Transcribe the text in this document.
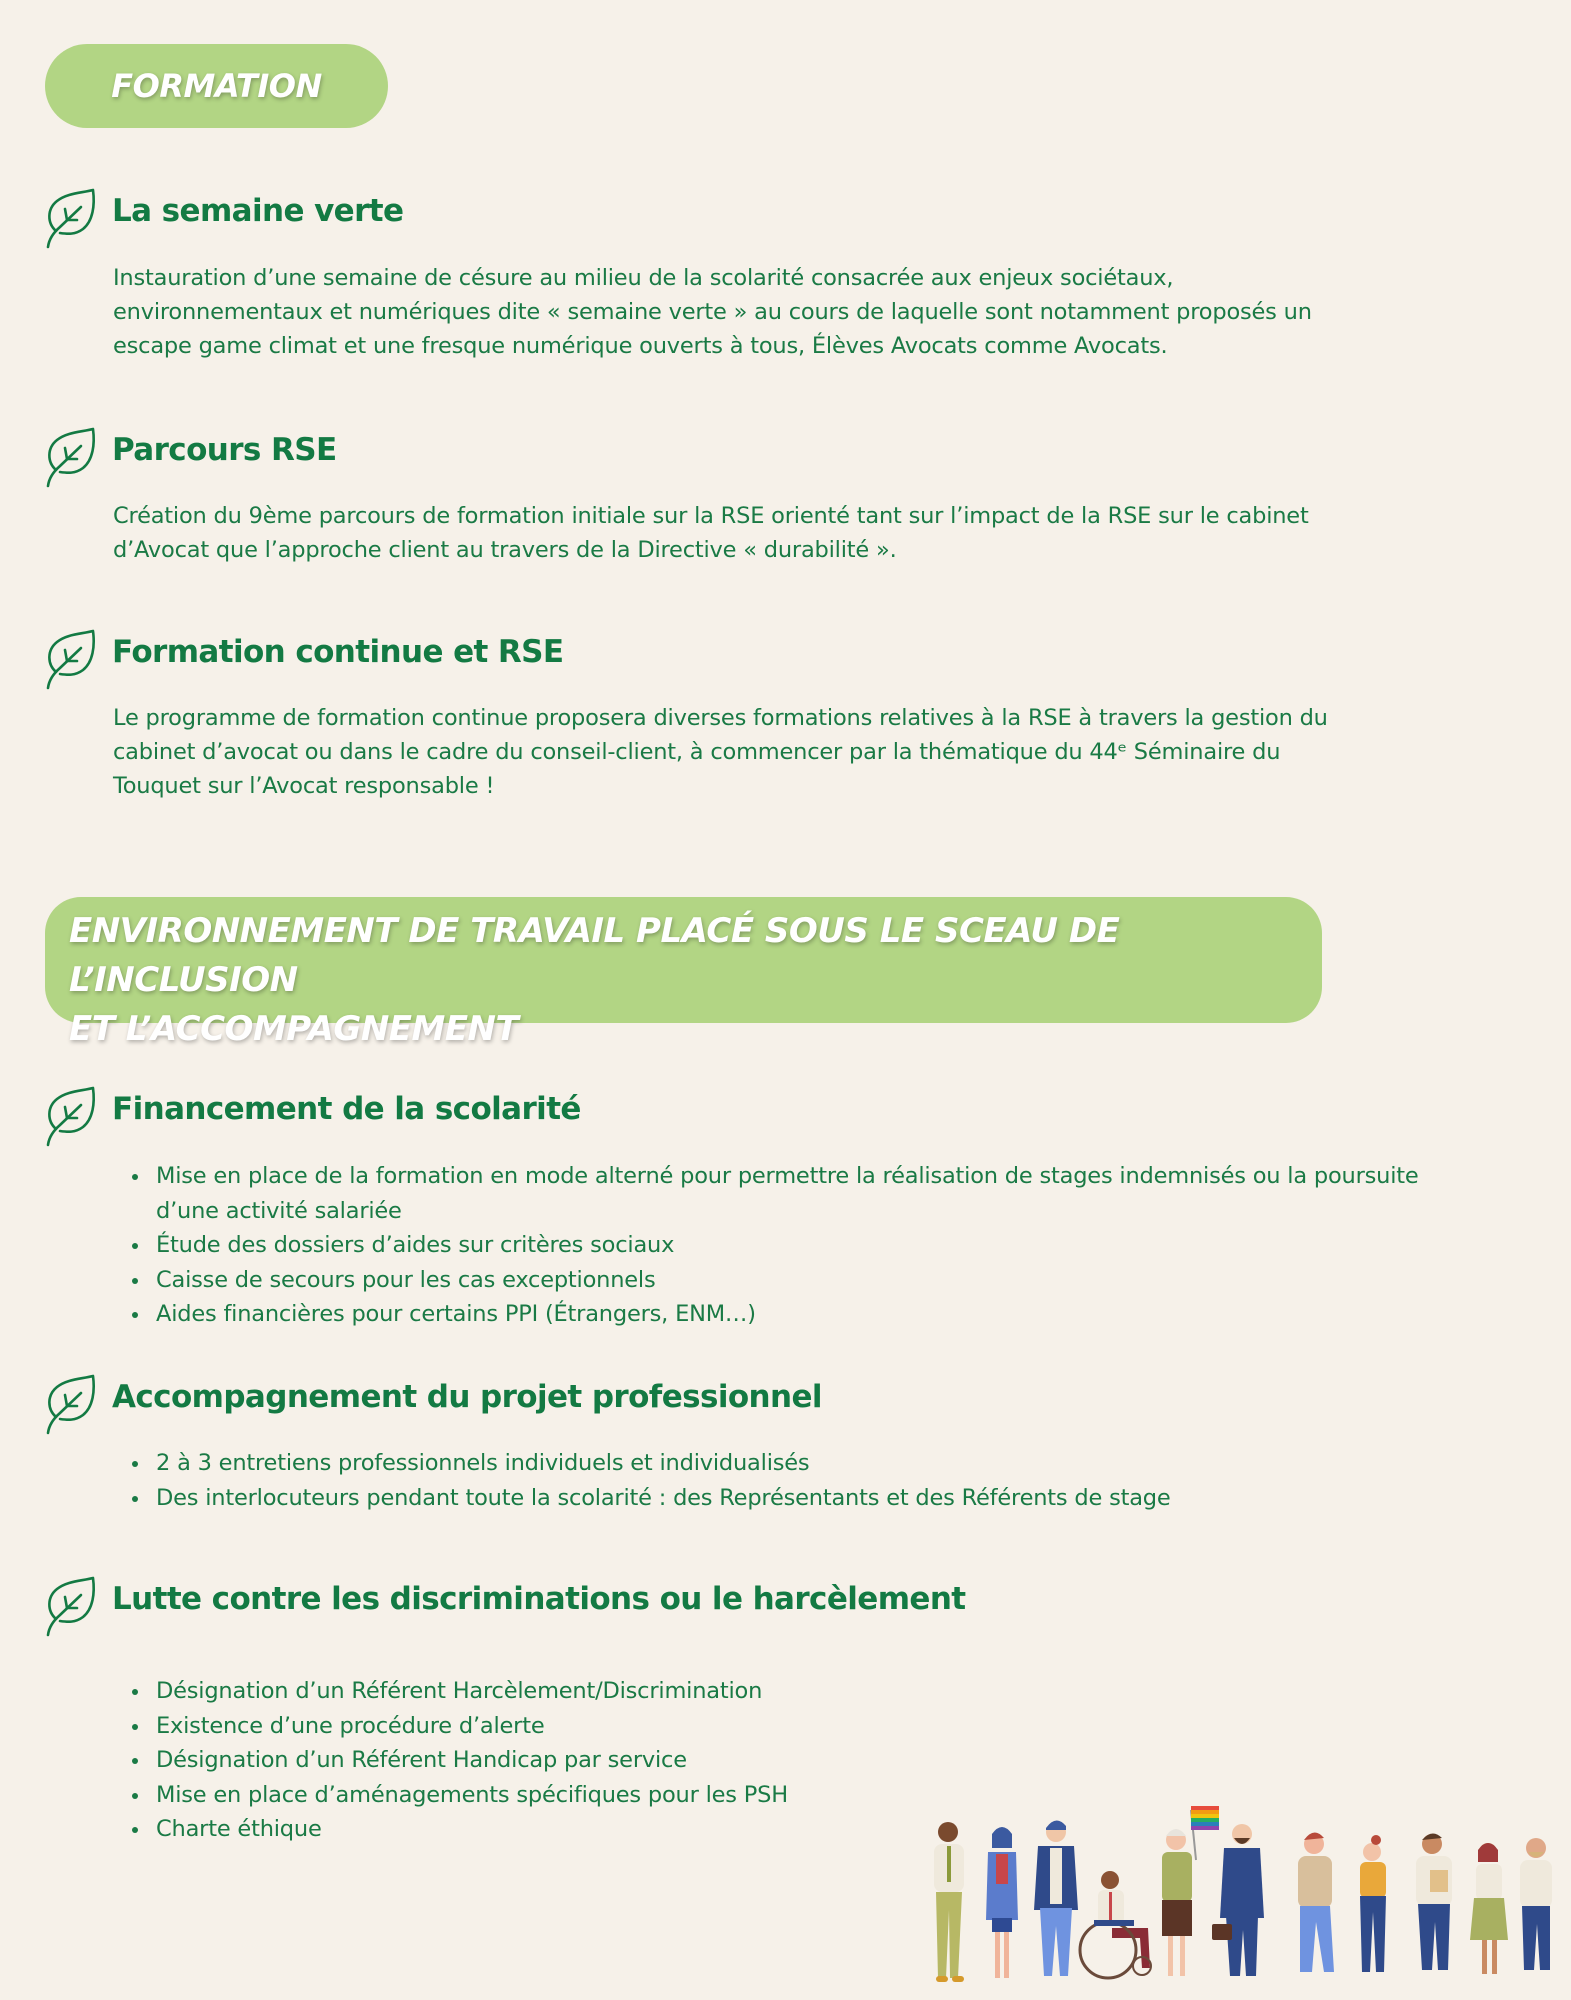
FORMATION
La semaine verte
Instauration d’une semaine de césure au milieu de la scolarité consacrée aux enjeux sociétaux,
environnementaux et numériques dite « semaine verte » au cours de laquelle sont notamment proposés un
escape game climat et une fresque numérique ouverts à tous, Élèves Avocats comme Avocats.
Parcours RSE
Création du 9ème parcours de formation initiale sur la RSE orienté tant sur l’impact de la RSE sur le cabinet
d’Avocat que l’approche client au travers de la Directive « durabilité ».
Formation continue et RSE
Le programme de formation continue proposera diverses formations relatives à la RSE à travers la gestion du
cabinet d’avocat ou dans le cadre du conseil-client, à commencer par la thématique du 44ᵉ Séminaire du
Touquet sur l’Avocat responsable !
ENVIRONNEMENT DE TRAVAIL PLACÉ SOUS LE SCEAU DE L’INCLUSION
ET L’ACCOMPAGNEMENT
Financement de la scolarité
Mise en place de la formation en mode alterné pour permettre la réalisation de stages indemnisés ou la poursuite d’une activité salariée
Étude des dossiers d’aides sur critères sociaux
Caisse de secours pour les cas exceptionnels
Aides financières pour certains PPI (Étrangers, ENM…)
Accompagnement du projet professionnel
2 à 3 entretiens professionnels individuels et individualisés
Des interlocuteurs pendant toute la scolarité : des Représentants et des Référents de stage
Lutte contre les discriminations ou le harcèlement
Désignation d’un Référent Harcèlement/Discrimination
Existence d’une procédure d’alerte
Désignation d’un Référent Handicap par service
Mise en place d’aménagements spécifiques pour les PSH
Charte éthique
